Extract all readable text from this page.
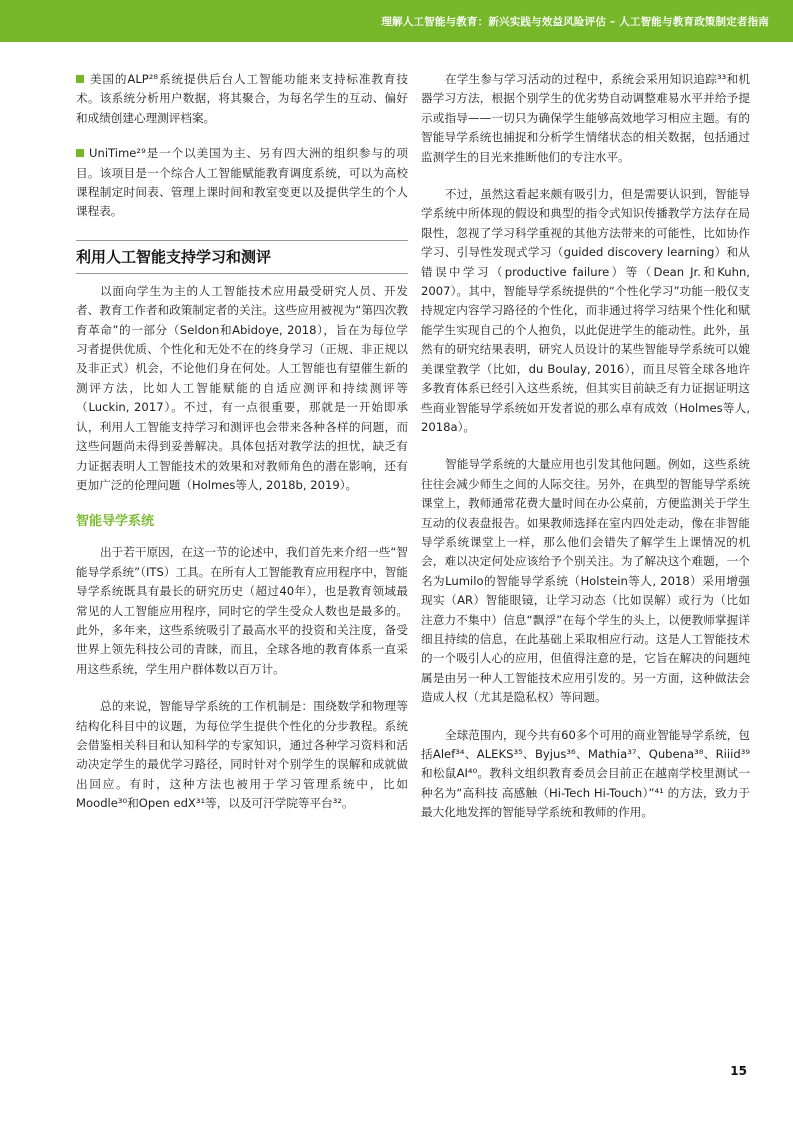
理解人工智能与教育：新兴实践与效益风险评估 – 人工智能与教育政策制定者指南

美国的ALP²⁸系统提供后台人工智能功能来支持标准教育技术。该系统分析用户数据，将其聚合，为每名学生的互动、偏好和成绩创建心理测评档案。

UniTime²⁹是一个以美国为主、另有四大洲的组织参与的项目。该项目是一个综合人工智能赋能教育调度系统，可以为高校课程制定时间表、管理上课时间和教室变更以及提供学生的个人课程表。

利用人工智能支持学习和测评

以面向学生为主的人工智能技术应用最受研究人员、开发者、教育工作者和政策制定者的关注。这些应用被视为“第四次教育革命”的一部分（Seldon和Abidoye, 2018），旨在为每位学习者提供优质、个性化和无处不在的终身学习（正规、非正规以及非正式）机会，不论他们身在何处。人工智能也有望催生新的测评方法，比如人工智能赋能的自适应测评和持续测评等（Luckin, 2017）。不过，有一点很重要，那就是一开始即承认，利用人工智能支持学习和测评也会带来各种各样的问题，而这些问题尚未得到妥善解决。具体包括对教学法的担忧，缺乏有力证据表明人工智能技术的效果和对教师角色的潜在影响，还有更加广泛的伦理问题（Holmes等人, 2018b, 2019）。

智能导学系统

出于若干原因，在这一节的论述中，我们首先来介绍一些“智能导学系统”（ITS）工具。在所有人工智能教育应用程序中，智能导学系统既具有最长的研究历史（超过40年），也是教育领域最常见的人工智能应用程序，同时它的学生受众人数也是最多的。此外，多年来，这些系统吸引了最高水平的投资和关注度，备受世界上领先科技公司的青睐，而且，全球各地的教育体系一直采用这些系统，学生用户群体数以百万计。

总的来说，智能导学系统的工作机制是：围绕数学和物理等结构化科目中的议题，为每位学生提供个性化的分步教程。系统会借鉴相关科目和认知科学的专家知识，通过各种学习资料和活动决定学生的最优学习路径，同时针对个别学生的误解和成就做出回应。有时，这种方法也被用于学习管理系统中，比如Moodle³⁰和Open edX³¹等，以及可汗学院等平台³²。

在学生参与学习活动的过程中，系统会采用知识追踪³³和机器学习方法，根据个别学生的优劣势自动调整难易水平并给予提示或指导——一切只为确保学生能够高效地学习相应主题。有的智能导学系统也捕捉和分析学生情绪状态的相关数据，包括通过监测学生的目光来推断他们的专注水平。

不过，虽然这看起来颇有吸引力，但是需要认识到，智能导学系统中所体现的假设和典型的指令式知识传播教学方法存在局限性，忽视了学习科学重视的其他方法带来的可能性，比如协作学习、引导性发现式学习（guided discovery learning）和从错误中学习（productive failure）等（Dean Jr.和Kuhn, 2007）。其中，智能导学系统提供的“个性化学习”功能一般仅支持规定内容学习路径的个性化，而非通过将学习结果个性化和赋能学生实现自己的个人抱负，以此促进学生的能动性。此外，虽然有的研究结果表明，研究人员设计的某些智能导学系统可以媲美课堂教学（比如，du Boulay, 2016），而且尽管全球各地许多教育体系已经引入这些系统，但其实目前缺乏有力证据证明这些商业智能导学系统如开发者说的那么卓有成效（Holmes等人, 2018a）。

智能导学系统的大量应用也引发其他问题。例如，这些系统往往会减少师生之间的人际交往。另外，在典型的智能导学系统课堂上，教师通常花费大量时间在办公桌前，方便监测关于学生互动的仪表盘报告。如果教师选择在室内四处走动，像在非智能导学系统课堂上一样，那么他们会错失了解学生上课情况的机会，难以决定何处应该给予个别关注。为了解决这个难题，一个名为Lumilo的智能导学系统（Holstein等人, 2018）采用增强现实（AR）智能眼镜，让学习动态（比如误解）或行为（比如注意力不集中）信息“飘浮”在每个学生的头上，以便教师掌握详细且持续的信息，在此基础上采取相应行动。这是人工智能技术的一个吸引人心的应用，但值得注意的是，它旨在解决的问题纯属是由另一种人工智能技术应用引发的。另一方面，这种做法会造成人权（尤其是隐私权）等问题。

全球范围内，现今共有60多个可用的商业智能导学系统，包括Alef³⁴、ALEKS³⁵、Byjus³⁶、Mathia³⁷、Qubena³⁸、Riiid³⁹和松鼠AI⁴⁰。教科文组织教育委员会目前正在越南学校里测试一种名为“高科技 高感触（Hi-Tech Hi-Touch）”⁴¹ 的方法，致力于最大化地发挥的智能导学系统和教师的作用。

15
